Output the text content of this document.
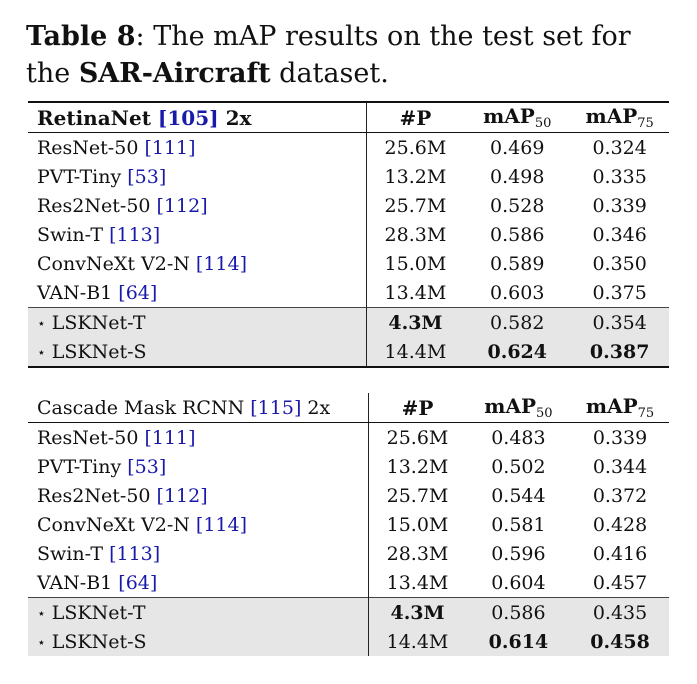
Table 8: The mAP results on the test set for the SAR-Aircraft dataset.
RetinaNet [105] 2x	#P	mAP$_{50}$	mAP$_{75}$
ResNet-50 [111]	25.6M	0.469	0.324
PVT-Tiny [53]	13.2M	0.498	0.335
Res2Net-50 [112]	25.7M	0.528	0.339
Swin-T [113]	28.3M	0.586	0.346
ConvNeXt V2-N [114]	15.0M	0.589	0.350
VAN-B1 [64]	13.4M	0.603	0.375
⋆ LSKNet-T	4.3M	0.582	0.354
⋆ LSKNet-S	14.4M	0.624	0.387
Cascade Mask RCNN [115] 2x	#P	mAP$_{50}$	mAP$_{75}$
ResNet-50 [111]	25.6M	0.483	0.339
PVT-Tiny [53]	13.2M	0.502	0.344
Res2Net-50 [112]	25.7M	0.544	0.372
ConvNeXt V2-N [114]	15.0M	0.581	0.428
Swin-T [113]	28.3M	0.596	0.416
VAN-B1 [64]	13.4M	0.604	0.457
⋆ LSKNet-T	4.3M	0.586	0.435
⋆ LSKNet-S	14.4M	0.614	0.458
